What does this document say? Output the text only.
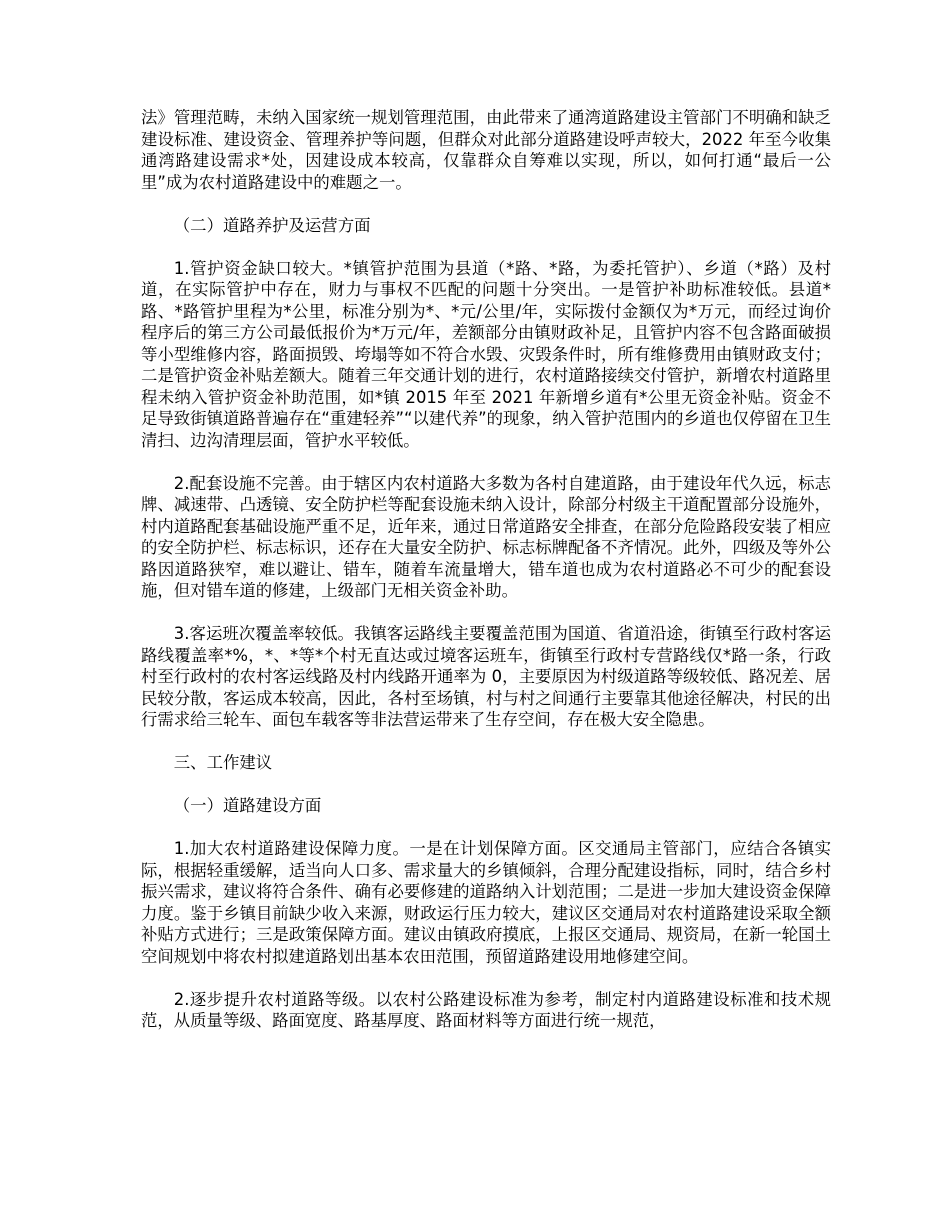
法》管理范畴，未纳入国家统一规划管理范围，由此带来了通湾道路建设主管部门不明确和缺乏建设标准、建设资金、管理养护等问题，但群众对此部分道路建设呼声较大，2022 年至今收集通湾路建设需求*处，因建设成本较高，仅靠群众自筹难以实现，所以，如何打通“最后一公里”成为农村道路建设中的难题之一。

（二）道路养护及运营方面

1.管护资金缺口较大。*镇管护范围为县道（*路、*路，为委托管护）、乡道（*路）及村道，在实际管护中存在，财力与事权不匹配的问题十分突出。一是管护补助标准较低。县道*路、*路管护里程为*公里，标准分别为*、*元/公里/年，实际拨付金额仅为*万元，而经过询价程序后的第三方公司最低报价为*万元/年，差额部分由镇财政补足，且管护内容不包含路面破损等小型维修内容，路面损毁、垮塌等如不符合水毁、灾毁条件时，所有维修费用由镇财政支付；二是管护资金补贴差额大。随着三年交通计划的进行，农村道路接续交付管护，新增农村道路里程未纳入管护资金补助范围，如*镇 2015 年至 2021 年新增乡道有*公里无资金补贴。资金不足导致街镇道路普遍存在“重建轻养”“以建代养”的现象，纳入管护范围内的乡道也仅停留在卫生清扫、边沟清理层面，管护水平较低。

2.配套设施不完善。由于辖区内农村道路大多数为各村自建道路，由于建设年代久远，标志牌、减速带、凸透镜、安全防护栏等配套设施未纳入设计，除部分村级主干道配置部分设施外，村内道路配套基础设施严重不足，近年来，通过日常道路安全排查，在部分危险路段安装了相应的安全防护栏、标志标识，还存在大量安全防护、标志标牌配备不齐情况。此外，四级及等外公路因道路狭窄，难以避让、错车，随着车流量增大，错车道也成为农村道路必不可少的配套设施，但对错车道的修建，上级部门无相关资金补助。

3.客运班次覆盖率较低。我镇客运路线主要覆盖范围为国道、省道沿途，街镇至行政村客运路线覆盖率*%，*、*等*个村无直达或过境客运班车，街镇至行政村专营路线仅*路一条，行政村至行政村的农村客运线路及村内线路开通率为 0，主要原因为村级道路等级较低、路况差、居民较分散，客运成本较高，因此，各村至场镇，村与村之间通行主要靠其他途径解决，村民的出行需求给三轮车、面包车载客等非法营运带来了生存空间，存在极大安全隐患。

三、工作建议

（一）道路建设方面

1.加大农村道路建设保障力度。一是在计划保障方面。区交通局主管部门，应结合各镇实际，根据轻重缓解，适当向人口多、需求量大的乡镇倾斜，合理分配建设指标，同时，结合乡村振兴需求，建议将符合条件、确有必要修建的道路纳入计划范围；二是进一步加大建设资金保障力度。鉴于乡镇目前缺少收入来源，财政运行压力较大，建议区交通局对农村道路建设采取全额补贴方式进行；三是政策保障方面。建议由镇政府摸底，上报区交通局、规资局，在新一轮国土空间规划中将农村拟建道路划出基本农田范围，预留道路建设用地修建空间。

2.逐步提升农村道路等级。以农村公路建设标准为参考，制定村内道路建设标准和技术规范，从质量等级、路面宽度、路基厚度、路面材料等方面进行统一规范，
